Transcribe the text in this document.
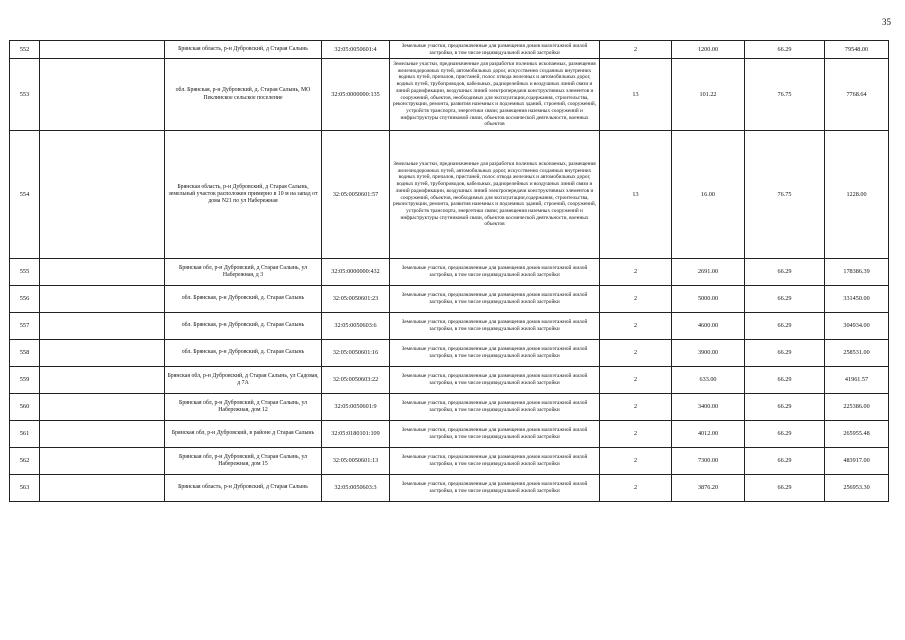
35
552		Брянская область, р-н Дубровский, д Старая Салынь	32:05:0050601:4	Земельные участки, предназначенные для размещения домов малоэтажной жилой застройки, в том числе индивидуальной жилой застройки	2	1200.00	66.29	79548.00
553		обл. Брянская, р-н Дубровский, д. Старая Салынь, МО Пеклинское сельское поселение	32:05:0000000:135	Земельные участки, предназначенные для разработки полезных ископаемых, размещения железнодорожных путей, автомобильных дорог, искусственно созданных внутренних водных путей, причалов, пристаней, полос отвода железных и автомобильных дорог, водных путей, трубопроводов, кабельных, радиорелейных и воздушных линий связи и линий радиофикации, воздушных линий электропередачи конструктивных элементов и сооружений, объектов, необходимых для эксплуатации,содержания, строительства, реконструкции, ремонта, развития наземных и подземных зданий, строений, сооружений, устройств транспорта, энергетики связи; размещения наземных сооружений и инфраструктуры спутниковой связи, объектов космической деятельности, военных объектов	13	101.22	76.75	7768.64
554		Брянская область, р-н Дубровский, д Старая Салынь, земельный участок расположен примерно в 10 м на запад от дома N21 по ул Набережная	32:05:0050601:57	Земельные участки, предназначенные для разработки полезных ископаемых, размещения железнодорожных путей, автомобильных дорог, искусственно созданных внутренних водных путей, причалов, пристаней, полос отвода железных и автомобильных дорог, водных путей, трубопроводов, кабельных, радиорелейных и воздушных линий связи и линий радиофикации, воздушных линий электропередачи конструктивных элементов и сооружений, объектов, необходимых для эксплуатации,содержания, строительства, реконструкции, ремонта, развития наземных и подземных зданий, строений, сооружений, устройств транспорта, энергетики связи; размещения наземных сооружений и инфраструктуры спутниковой связи, объектов космической деятельности, военных объектов	13	16.00	76.75	1228.00
555		Брянская обл, р-н Дубровский, д Старая Салынь, ул Набережная, д 3	32:05:0000000:432	Земельные участки, предназначенные для размещения домов малоэтажной жилой застройки, в том числе индивидуальной жилой застройки	2	2691.00	66.29	178386.39
556		обл. Брянская, р-н Дубровский, д. Старая Салынь	32:05:0050601:23	Земельные участки, предназначенные для размещения домов малоэтажной жилой застройки, в том числе индивидуальной жилой застройки	2	5000.00	66.29	331450.00
557		обл. Брянская, р-н Дубровский, д. Старая Салынь	32:05:0050603:6	Земельные участки, предназначенные для размещения домов малоэтажной жилой застройки, в том числе индивидуальной жилой застройки	2	4600.00	66.29	304934.00
558		обл. Брянская, р-н Дубровский, д. Старая Салынь	32:05:0050601:16	Земельные участки, предназначенные для размещения домов малоэтажной жилой застройки, в том числе индивидуальной жилой застройки	2	3900.00	66.29	258531.00
559		Брянская обл, р-н Дубровский, д Старая Салынь, ул Садовая, д 7А	32:05:0050603:22	Земельные участки, предназначенные для размещения домов малоэтажной жилой застройки, в том числе индивидуальной жилой застройки	2	633.00	66.29	41961.57
560		Брянская обл, р-н Дубровский, д Старая Салынь, ул Набережная, дом 12	32:05:0050601:9	Земельные участки, предназначенные для размещения домов малоэтажной жилой застройки, в том числе индивидуальной жилой застройки	2	3400.00	66.29	225386.00
561		Брянская обл, р-н Дубровский, в районе д Старая Салынь	32:05:0180101:109	Земельные участки, предназначенные для размещения домов малоэтажной жилой застройки, в том числе индивидуальной жилой застройки	2	4012.00	66.29	265955.48
562		Брянская обл, р-н Дубровский, д Старая Салынь, ул Набережная, дом 15	32:05:0050601:13	Земельные участки, предназначенные для размещения домов малоэтажной жилой застройки, в том числе индивидуальной жилой застройки	2	7300.00	66.29	483917.00
563		Брянская область, р-н Дубровский, д Старая Салынь	32:05:0050603:3	Земельные участки, предназначенные для размещения домов малоэтажной жилой застройки, в том числе индивидуальной жилой застройки	2	3876.20	66.29	256953.30
